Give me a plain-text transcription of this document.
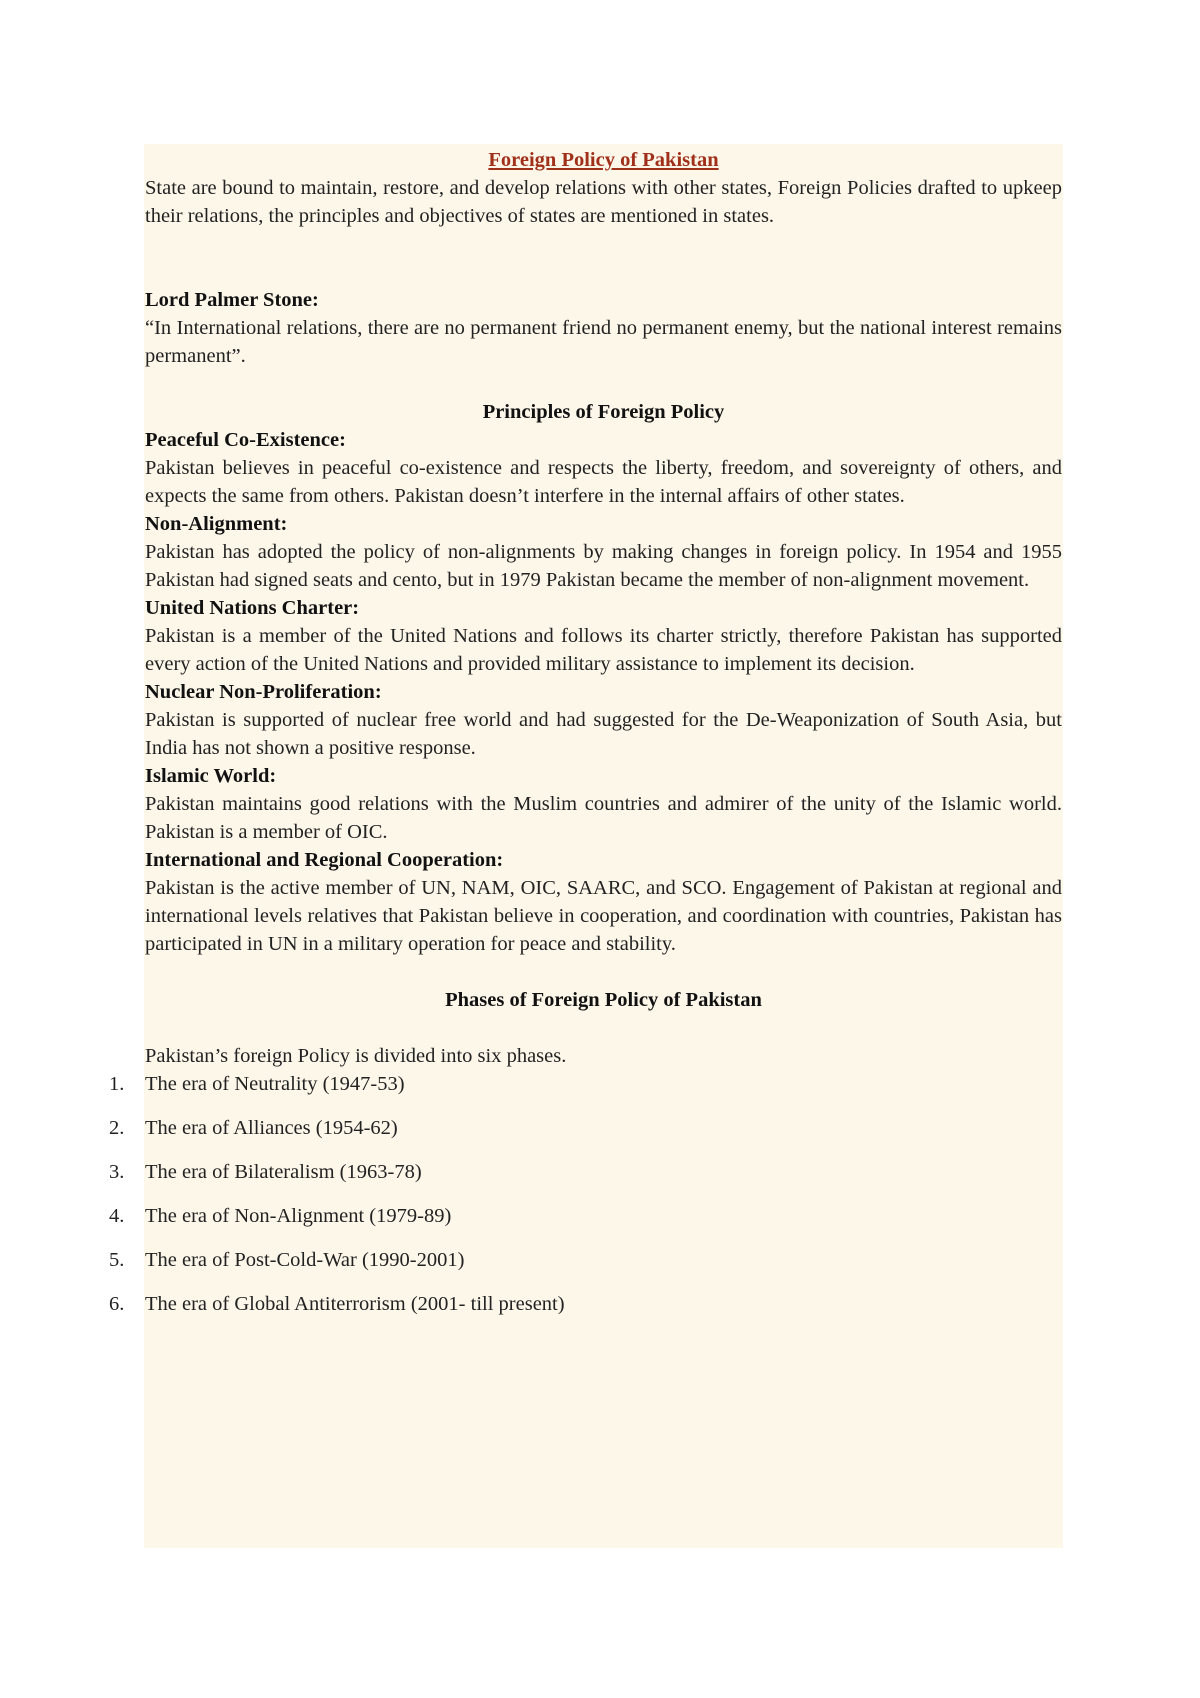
Foreign Policy of Pakistan

State are bound to maintain, restore, and develop relations with other states, Foreign Policies drafted to upkeep their relations, the principles and objectives of states are mentioned in states.

Lord Palmer Stone:

“In International relations, there are no permanent friend no permanent enemy, but the national interest remains permanent”.

Principles of Foreign Policy
Peaceful Co-Existence:

Pakistan believes in peaceful co-existence and respects the liberty, freedom, and sovereignty of others, and expects the same from others. Pakistan doesn’t interfere in the internal affairs of other states.

Non-Alignment:

Pakistan has adopted the policy of non-alignments by making changes in foreign policy. In 1954 and 1955 Pakistan had signed seats and cento, but in 1979 Pakistan became the member of non-alignment movement.

United Nations Charter:

Pakistan is a member of the United Nations and follows its charter strictly, therefore Pakistan has supported every action of the United Nations and provided military assistance to implement its decision.

Nuclear Non-Proliferation:

Pakistan is supported of nuclear free world and had suggested for the De-Weaponization of South Asia, but India has not shown a positive response.

Islamic World:

Pakistan maintains good relations with the Muslim countries and admirer of the unity of the Islamic world. Pakistan is a member of OIC.

International and Regional Cooperation:

Pakistan is the active member of UN, NAM, OIC, SAARC, and SCO. Engagement of Pakistan at regional and international levels relatives that Pakistan believe in cooperation, and coordination with countries, Pakistan has participated in UN in a military operation for peace and stability.

Phases of Foreign Policy of Pakistan

Pakistan’s foreign Policy is divided into six phases.

1.	The era of Neutrality (1947-53)
2.	The era of Alliances (1954-62)
3.	The era of Bilateralism (1963-78)
4.	The era of Non-Alignment (1979-89)
5.	The era of Post-Cold-War (1990-2001)
6.	The era of Global Antiterrorism (2001- till present)
